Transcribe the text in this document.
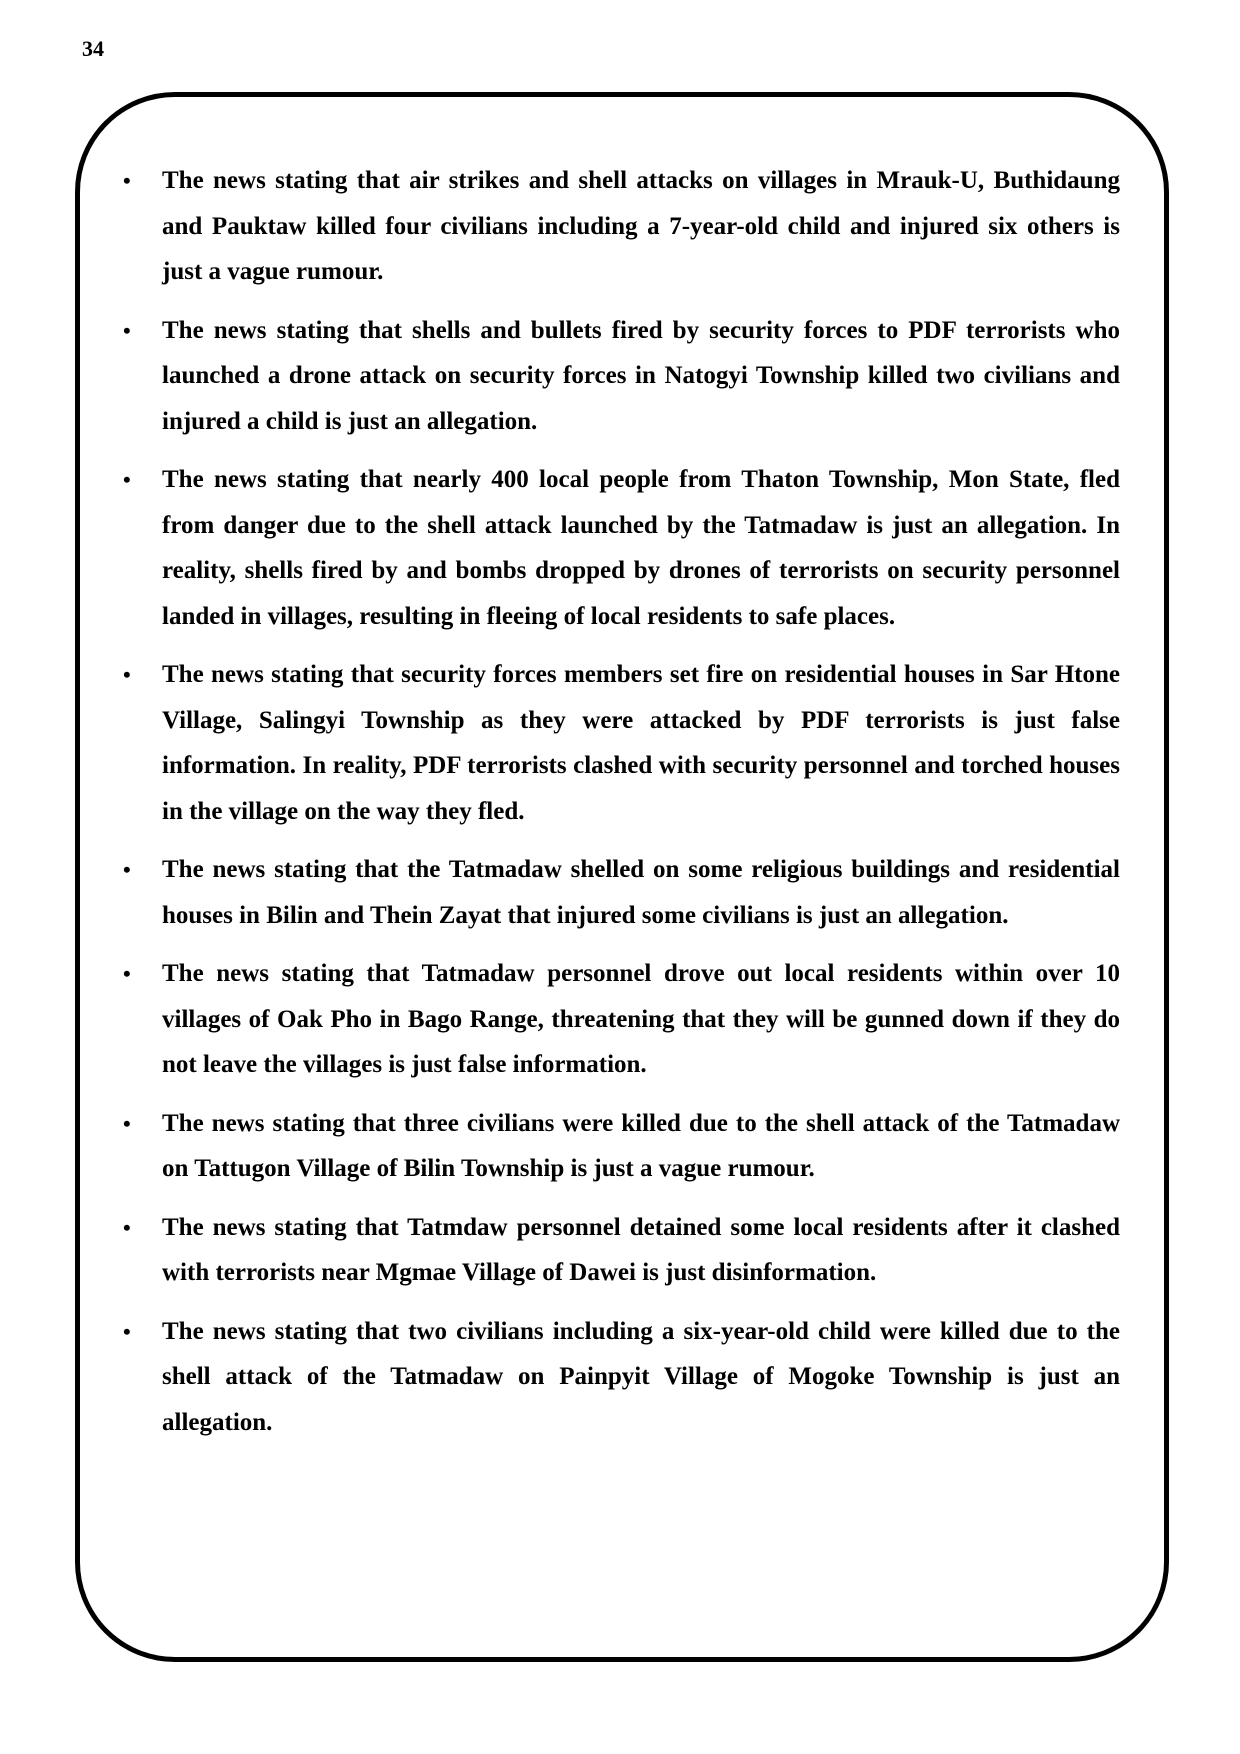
34
• The news stating that air strikes and shell attacks on villages in Mrauk-U, Buthidaung and Pauktaw killed four civilians including a 7-year-old child and injured six others is just a vague rumour.
• The news stating that shells and bullets fired by security forces to PDF terrorists who launched a drone attack on security forces in Natogyi Township killed two civilians and injured a child is just an allegation.
• The news stating that nearly 400 local people from Thaton Township, Mon State, fled from danger due to the shell attack launched by the Tatmadaw is just an allegation. In reality, shells fired by and bombs dropped by drones of terrorists on security personnel landed in villages, resulting in fleeing of local residents to safe places.
• The news stating that security forces members set fire on residential houses in Sar Htone Village, Salingyi Township as they were attacked by PDF terrorists is just false information. In reality, PDF terrorists clashed with security personnel and torched houses in the village on the way they fled.
• The news stating that the Tatmadaw shelled on some religious buildings and residential houses in Bilin and Thein Zayat that injured some civilians is just an allegation.
• The news stating that Tatmadaw personnel drove out local residents within over 10 villages of Oak Pho in Bago Range, threatening that they will be gunned down if they do not leave the villages is just false information.
• The news stating that three civilians were killed due to the shell attack of the Tatmadaw on Tattugon Village of Bilin Township is just a vague rumour.
• The news stating that Tatmdaw personnel detained some local residents after it clashed with terrorists near Mgmae Village of Dawei is just disinformation.
• The news stating that two civilians including a six-year-old child were killed due to the shell attack of the Tatmadaw on Painpyit Village of Mogoke Township is just an allegation.
